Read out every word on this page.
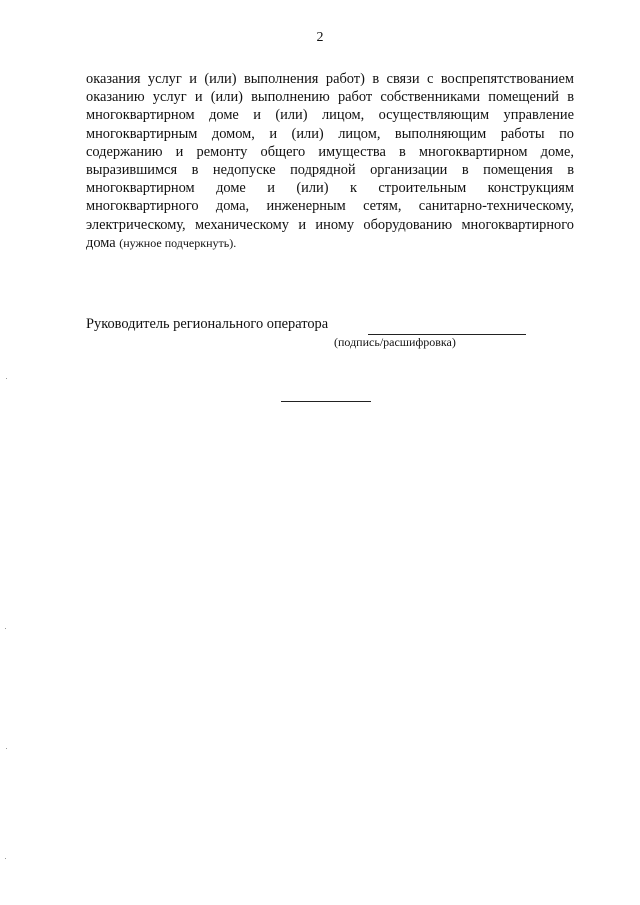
2

оказания услуг и (или) выполнения работ) в связи с воспрепятствованием оказанию услуг и (или) выполнению работ собственниками помещений в многоквартирном доме и (или) лицом, осуществляющим управление многоквартирным домом, и (или) лицом, выполняющим работы по содержанию и ремонту общего имущества в многоквартирном доме, выразившимся в недопуске подрядной организации в помещения в многоквартирном доме и (или) к строительным конструкциям многоквартирного дома, инженерным сетям, санитарно-техническому, электрическому, механическому и иному оборудованию многоквартирного дома (нужное подчеркнуть).

Руководитель регионального оператора
(подпись/расшифровка)
